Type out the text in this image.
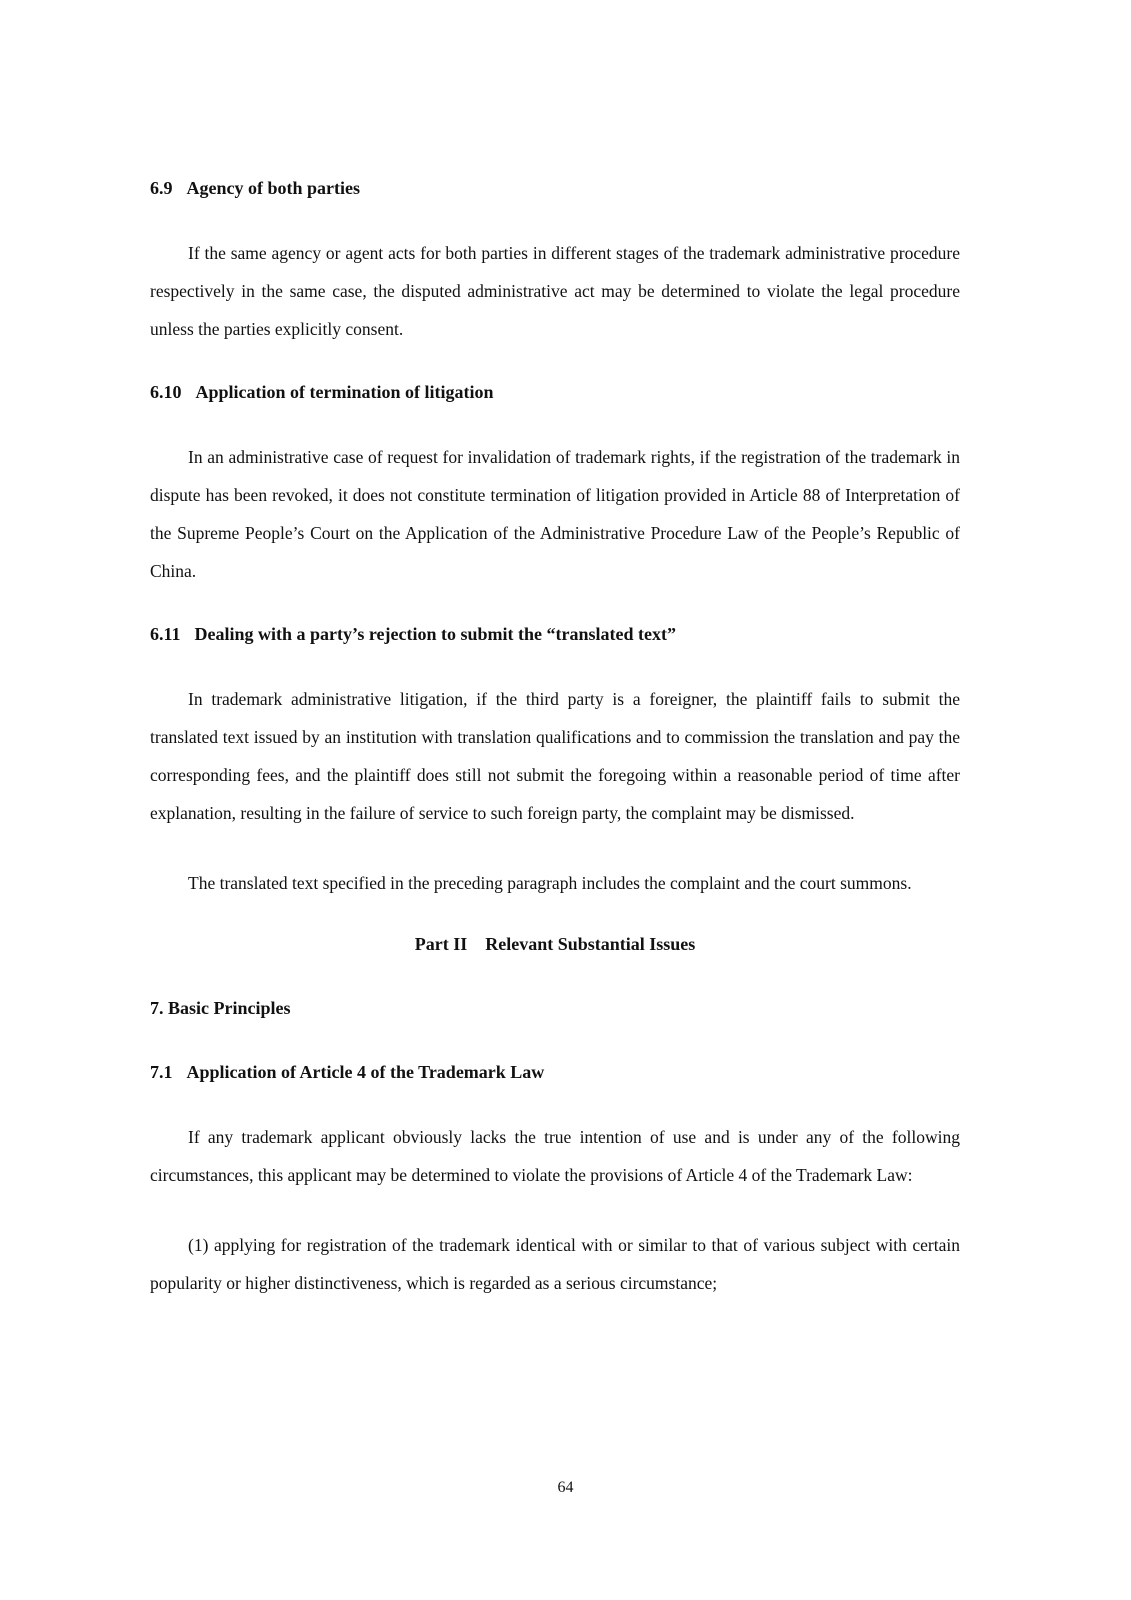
6.9 Agency of both parties

If the same agency or agent acts for both parties in different stages of the trademark administrative procedure respectively in the same case, the disputed administrative act may be determined to violate the legal procedure unless the parties explicitly consent.

6.10 Application of termination of litigation

In an administrative case of request for invalidation of trademark rights, if the registration of the trademark in dispute has been revoked, it does not constitute termination of litigation provided in Article 88 of Interpretation of the Supreme People’s Court on the Application of the Administrative Procedure Law of the People’s Republic of China.

6.11 Dealing with a party’s rejection to submit the “translated text”

In trademark administrative litigation, if the third party is a foreigner, the plaintiff fails to submit the translated text issued by an institution with translation qualifications and to commission the translation and pay the corresponding fees, and the plaintiff does still not submit the foregoing within a reasonable period of time after explanation, resulting in the failure of service to such foreign party, the complaint may be dismissed.

The translated text specified in the preceding paragraph includes the complaint and the court summons.

Part II Relevant Substantial Issues
7. Basic Principles
7.1 Application of Article 4 of the Trademark Law

If any trademark applicant obviously lacks the true intention of use and is under any of the following circumstances, this applicant may be determined to violate the provisions of Article 4 of the Trademark Law:

(1) applying for registration of the trademark identical with or similar to that of various subject with certain popularity or higher distinctiveness, which is regarded as a serious circumstance;

64
